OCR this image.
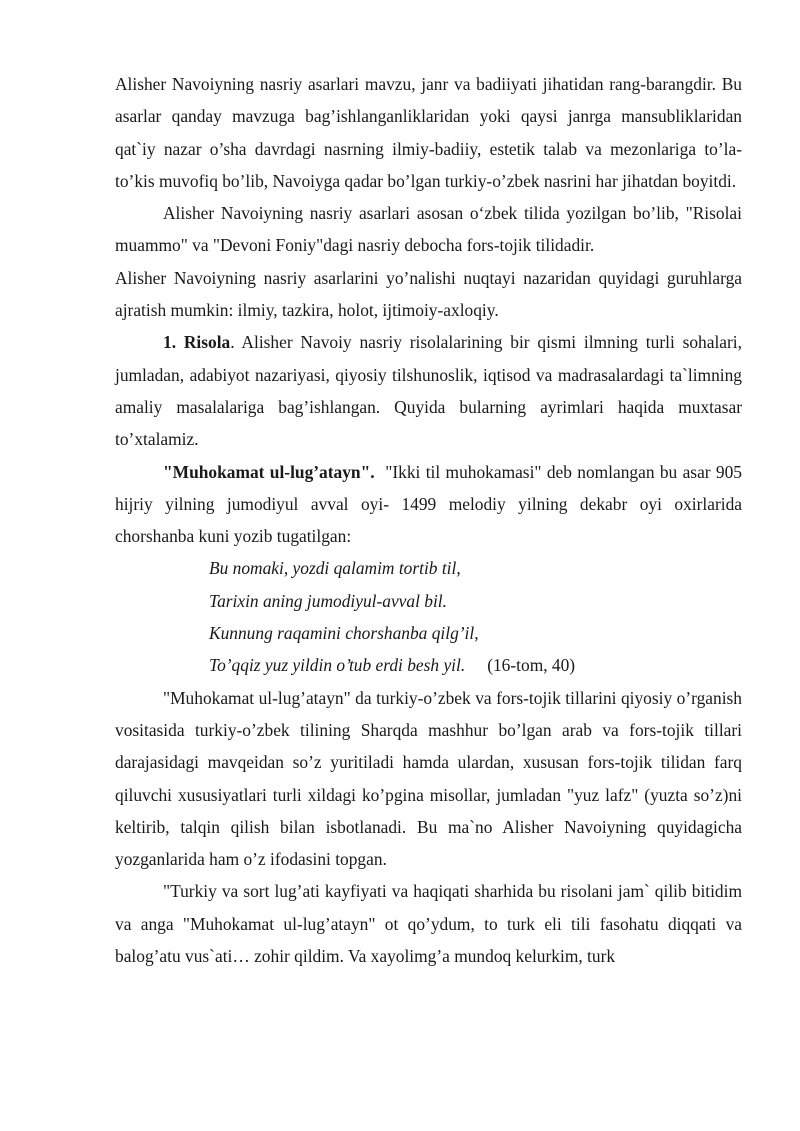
Alisher Navoiyning nasriy asarlari mavzu, janr va badiiyati jihatidan rang-barangdir. Bu asarlar qanday mavzuga bag’ishlanganliklaridan yoki qaysi janrga mansubliklaridan qat`iy nazar o’sha davrdagi nasrning ilmiy-badiiy, estetik talab va mezonlariga to’la-to’kis muvofiq bo’lib, Navoiyga qadar bo’lgan turkiy-o’zbek nasrini har jihatdan boyitdi.

Alisher Navoiyning nasriy asarlari asosan o‘zbek tilida yozilgan bo’lib, "Risolai muammo" va "Devoni Foniy"dagi nasriy debocha fors-tojik tilidadir.

Alisher Navoiyning nasriy asarlarini yo’nalishi nuqtayi nazaridan quyidagi guruhlarga ajratish mumkin: ilmiy, tazkira, holot, ijtimoiy-axloqiy.

1. Risola. Alisher Navoiy nasriy risolalarining bir qismi ilmning turli sohalari, jumladan, adabiyot nazariyasi, qiyosiy tilshunoslik, iqtisod va madrasalardagi ta`limning amaliy masalalariga bag’ishlangan. Quyida bularning ayrimlari haqida muxtasar to’xtalamiz.

"Muhokamat ul-lug’atayn".  "Ikki til muhokamasi" deb nomlangan bu asar 905 hijriy yilning jumodiyul avval oyi- 1499 melodiy yilning dekabr oyi oxirlarida chorshanba kuni yozib tugatilgan:

Bu nomaki, yozdi qalamim tortib til,
Tarixin aning jumodiyul-avval bil.
Kunnung raqamini chorshanba qilg’il,
To’qqiz yuz yildin o’tub erdi besh yil. (16-tom, 40)

"Muhokamat ul-lug’atayn" da turkiy-o’zbek va fors-tojik tillarini qiyosiy o’rganish vositasida turkiy-o’zbek tilining Sharqda mashhur bo’lgan arab va fors-tojik tillari darajasidagi mavqeidan so’z yuritiladi hamda ulardan, xususan fors-tojik tilidan farq qiluvchi xususiyatlari turli xildagi ko’pgina misollar, jumladan "yuz lafz" (yuzta so’z)ni keltirib, talqin qilish bilan isbotlanadi. Bu ma`no Alisher Navoiyning quyidagicha yozganlarida ham o’z ifodasini topgan.

"Turkiy va sort lug’ati kayfiyati va haqiqati sharhida bu risolani jam` qilib bitidim va anga "Muhokamat ul-lug’atayn" ot qo’ydum, to turk eli tili fasohatu diqqati va balog’atu vus`ati… zohir qildim. Va xayolimg’a mundoq kelurkim, turk
